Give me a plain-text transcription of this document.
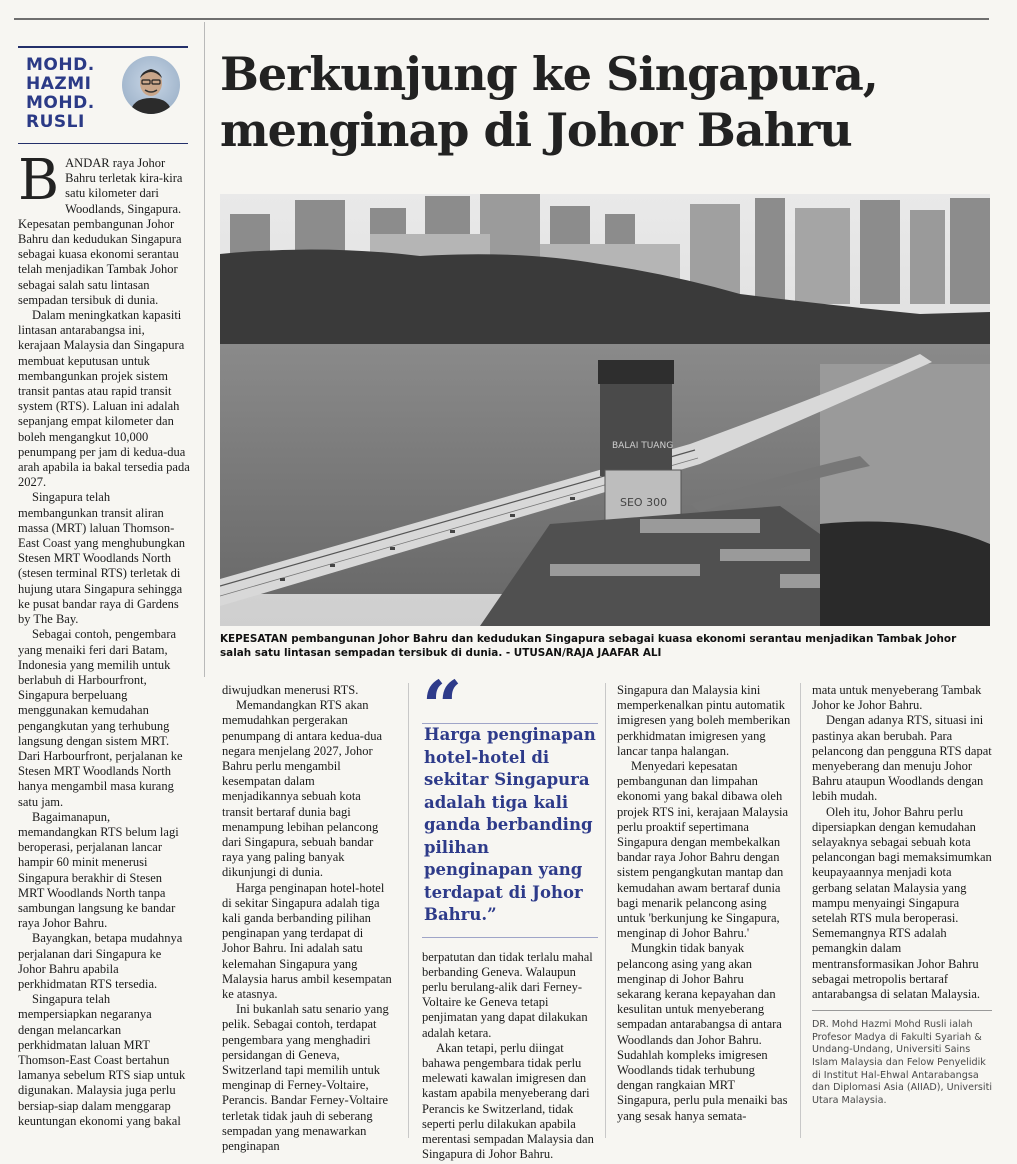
MOHD.
HAZMI
MOHD.
RUSLI
Berkunjung ke Singapura,
menginap di Johor Bahru
BALAI TUANG
SEO 300
KEPESATAN pembangunan Johor Bahru dan kedudukan Singapura sebagai kuasa ekonomi serantau menjadikan Tambak Johor salah satu lintasan sempadan tersibuk di dunia. - UTUSAN/RAJA JAAFAR ALI

BANDAR raya Johor Bahru terletak kira-kira satu kilometer dari Woodlands, Singapura. Kepesatan pembangunan Johor Bahru dan kedudukan Singapura sebagai kuasa ekonomi serantau telah menjadikan Tambak Johor sebagai salah satu lintasan sempadan tersibuk di dunia.

Dalam meningkatkan kapasiti lintasan antarabangsa ini, kerajaan Malaysia dan Singapura membuat keputusan untuk membangunkan projek sistem transit pantas atau rapid transit system (RTS). Laluan ini adalah sepanjang empat kilometer dan boleh mengangkut 10,000 penumpang per jam di kedua-dua arah apabila ia bakal tersedia pada 2027.

Singapura telah membangunkan transit aliran massa (MRT) laluan Thomson-East Coast yang menghubungkan Stesen MRT Woodlands North (stesen terminal RTS) terletak di hujung utara Singapura sehingga ke pusat bandar raya di Gardens by The Bay.

Sebagai contoh, pengembara yang menaiki feri dari Batam, Indonesia yang memilih untuk berlabuh di Harbourfront, Singapura berpeluang menggunakan kemudahan pengangkutan yang terhubung langsung dengan sistem MRT. Dari Harbourfront, perjalanan ke Stesen MRT Woodlands North hanya mengambil masa kurang satu jam.

Bagaimanapun, memandangkan RTS belum lagi beroperasi, perjalanan lancar hampir 60 minit menerusi Singapura berakhir di Stesen MRT Woodlands North tanpa sambungan langsung ke bandar raya Johor Bahru.

Bayangkan, betapa mudahnya perjalanan dari Singapura ke Johor Bahru apabila perkhidmatan RTS tersedia.

Singapura telah mempersiapkan negaranya dengan melancarkan perkhidmatan laluan MRT Thomson-East Coast bertahun lamanya sebelum RTS siap untuk digunakan. Malaysia juga perlu bersiap-siap dalam menggarap keuntungan ekonomi yang bakal

diwujudkan menerusi RTS.

Memandangkan RTS akan memudahkan pergerakan penumpang di antara kedua-dua negara menjelang 2027, Johor Bahru perlu mengambil kesempatan dalam menjadikannya sebuah kota transit bertaraf dunia bagi menampung lebihan pelancong dari Singapura, sebuah bandar raya yang paling banyak dikunjungi di dunia.

Harga penginapan hotel-hotel di sekitar Singapura adalah tiga kali ganda berbanding pilihan penginapan yang terdapat di Johor Bahru. Ini adalah satu kelemahan Singapura yang Malaysia harus ambil kesempatan ke atasnya.

Ini bukanlah satu senario yang pelik. Sebagai contoh, terdapat pengembara yang menghadiri persidangan di Geneva, Switzerland tapi memilih untuk menginap di Ferney-Voltaire, Perancis. Bandar Ferney-Voltaire terletak tidak jauh di seberang sempadan yang menawarkan penginapan

“
Harga penginapan hotel-hotel di sekitar Singapura adalah tiga kali ganda berbanding pilihan penginapan yang terdapat di Johor Bahru.”

berpatutan dan tidak terlalu mahal berbanding Geneva. Walaupun perlu berulang-alik dari Ferney-Voltaire ke Geneva tetapi penjimatan yang dapat dilakukan adalah ketara.

Akan tetapi, perlu diingat bahawa pengembara tidak perlu melewati kawalan imigresen dan kastam apabila menyeberang dari Perancis ke Switzerland, tidak seperti perlu dilakukan apabila merentasi sempadan Malaysia dan Singapura di Johor Bahru.

Singapura dan Malaysia kini memperkenalkan pintu automatik imigresen yang boleh memberikan perkhidmatan imigresen yang lancar tanpa halangan.

Menyedari kepesatan pembangunan dan limpahan ekonomi yang bakal dibawa oleh projek RTS ini, kerajaan Malaysia perlu proaktif sepertimana Singapura dengan membekalkan bandar raya Johor Bahru dengan sistem pengangkutan mantap dan kemudahan awam bertaraf dunia bagi menarik pelancong asing untuk 'berkunjung ke Singapura, menginap di Johor Bahru.'

Mungkin tidak banyak pelancong asing yang akan menginap di Johor Bahru sekarang kerana kepayahan dan kesulitan untuk menyeberang sempadan antarabangsa di antara Woodlands dan Johor Bahru. Sudahlah kompleks imigresen Woodlands tidak terhubung dengan rangkaian MRT Singapura, perlu pula menaiki bas yang sesak hanya semata-

mata untuk menyeberang Tambak Johor ke Johor Bahru.

Dengan adanya RTS, situasi ini pastinya akan berubah. Para pelancong dan pengguna RTS dapat menyeberang dan menuju Johor Bahru ataupun Woodlands dengan lebih mudah.

Oleh itu, Johor Bahru perlu dipersiapkan dengan kemudahan selayaknya sebagai sebuah kota pelancongan bagi memaksimumkan keupayaannya menjadi kota gerbang selatan Malaysia yang mampu menyaingi Singapura setelah RTS mula beroperasi. Sememangnya RTS adalah pemangkin dalam mentransformasikan Johor Bahru sebagai metropolis bertaraf antarabangsa di selatan Malaysia.

DR. Mohd Hazmi Mohd Rusli ialah Profesor Madya di Fakulti Syariah & Undang-Undang, Universiti Sains Islam Malaysia dan Felow Penyelidik di Institut Hal-Ehwal Antarabangsa dan Diplomasi Asia (AIIAD), Universiti Utara Malaysia.
